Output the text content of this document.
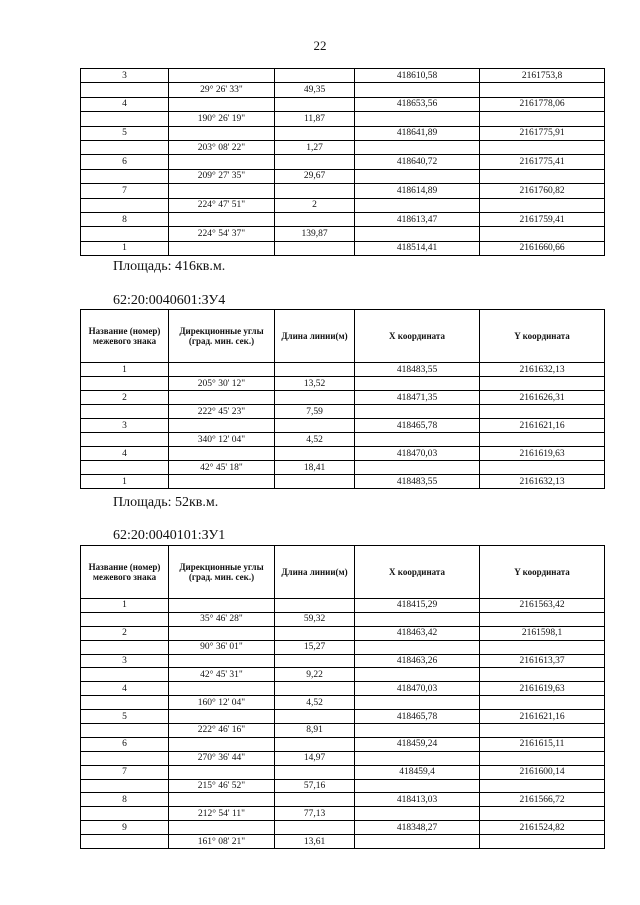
22
3			418610,58	2161753,8
	29° 26' 33"	49,35		
4			418653,56	2161778,06
	190° 26' 19"	11,87		
5			418641,89	2161775,91
	203° 08' 22"	1,27		
6			418640,72	2161775,41
	209° 27' 35"	29,67		
7			418614,89	2161760,82
	224° 47' 51"	2		
8			418613,47	2161759,41
	224° 54' 37"	139,87		
1			418514,41	2161660,66
Площадь: 416кв.м.
62:20:0040601:ЗУ4
Название (номер) межевого знака	Дирекционные углы (град. мин. сек.)	Длина линии(м)	X координата	Y координата
1			418483,55	2161632,13
	205° 30' 12"	13,52		
2			418471,35	2161626,31
	222° 45' 23"	7,59		
3			418465,78	2161621,16
	340° 12' 04"	4,52		
4			418470,03	2161619,63
	42° 45' 18"	18,41		
1			418483,55	2161632,13
Площадь: 52кв.м.
62:20:0040101:ЗУ1
Название (номер) межевого знака	Дирекционные углы (град. мин. сек.)	Длина линии(м)	X координата	Y координата
1			418415,29	2161563,42
	35° 46' 28"	59,32		
2			418463,42	2161598,1
	90° 36' 01"	15,27		
3			418463,26	2161613,37
	42° 45' 31"	9,22		
4			418470,03	2161619,63
	160° 12' 04"	4,52		
5			418465,78	2161621,16
	222° 46' 16"	8,91		
6			418459,24	2161615,11
	270° 36' 44"	14,97		
7			418459,4	2161600,14
	215° 46' 52"	57,16		
8			418413,03	2161566,72
	212° 54' 11"	77,13		
9			418348,27	2161524,82
	161° 08' 21"	13,61		
